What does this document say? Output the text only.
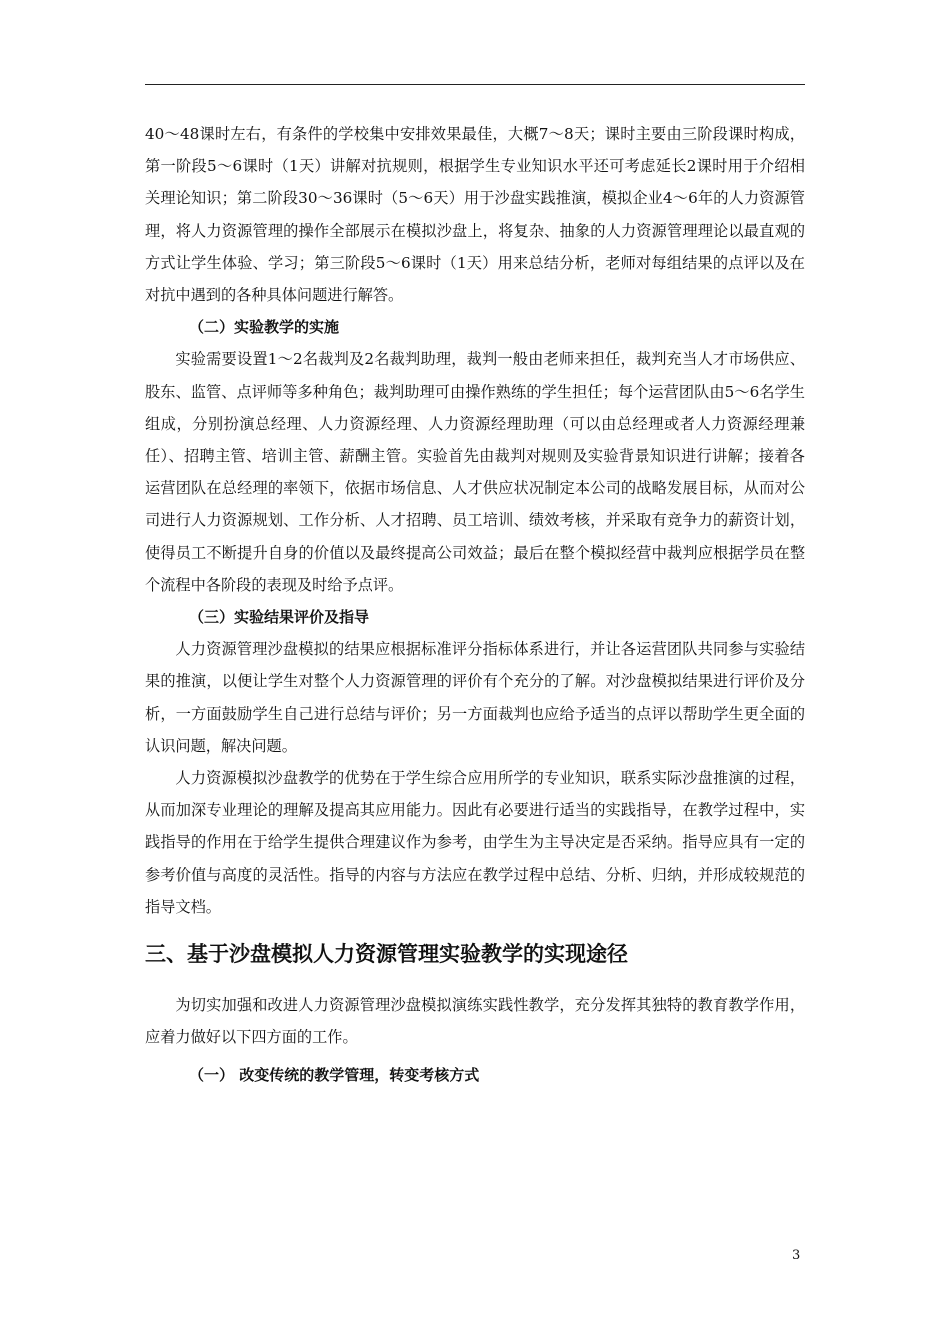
40～48课时左右，有条件的学校集中安排效果最佳，大概7～8天；课时主要由三阶段课时构成，第一阶段5～6课时（1天）讲解对抗规则，根据学生专业知识水平还可考虑延长2课时用于介绍相关理论知识；第二阶段30～36课时（5～6天）用于沙盘实践推演，模拟企业4～6年的人力资源管理，将人力资源管理的操作全部展示在模拟沙盘上，将复杂、抽象的人力资源管理理论以最直观的方式让学生体验、学习；第三阶段5～6课时（1天）用来总结分析，老师对每组结果的点评以及在对抗中遇到的各种具体问题进行解答。

（二）实验教学的实施

实验需要设置1～2名裁判及2名裁判助理，裁判一般由老师来担任，裁判充当人才市场供应、股东、监管、点评师等多种角色；裁判助理可由操作熟练的学生担任；每个运营团队由5～6名学生组成，分别扮演总经理、人力资源经理、人力资源经理助理（可以由总经理或者人力资源经理兼任）、招聘主管、培训主管、薪酬主管。实验首先由裁判对规则及实验背景知识进行讲解；接着各运营团队在总经理的率领下，依据市场信息、人才供应状况制定本公司的战略发展目标，从而对公司进行人力资源规划、工作分析、人才招聘、员工培训、绩效考核，并采取有竞争力的薪资计划，使得员工不断提升自身的价值以及最终提高公司效益；最后在整个模拟经营中裁判应根据学员在整个流程中各阶段的表现及时给予点评。

（三）实验结果评价及指导

人力资源管理沙盘模拟的结果应根据标准评分指标体系进行，并让各运营团队共同参与实验结果的推演，以便让学生对整个人力资源管理的评价有个充分的了解。对沙盘模拟结果进行评价及分析，一方面鼓励学生自己进行总结与评价；另一方面裁判也应给予适当的点评以帮助学生更全面的认识问题，解决问题。

人力资源模拟沙盘教学的优势在于学生综合应用所学的专业知识，联系实际沙盘推演的过程，从而加深专业理论的理解及提高其应用能力。因此有必要进行适当的实践指导，在教学过程中，实践指导的作用在于给学生提供合理建议作为参考，由学生为主导决定是否采纳。指导应具有一定的参考价值与高度的灵活性。指导的内容与方法应在教学过程中总结、分析、归纳，并形成较规范的指导文档。

三、基于沙盘模拟人力资源管理实验教学的实现途径

为切实加强和改进人力资源管理沙盘模拟演练实践性教学，充分发挥其独特的教育教学作用，应着力做好以下四方面的工作。

（一） 改变传统的教学管理，转变考核方式

3
